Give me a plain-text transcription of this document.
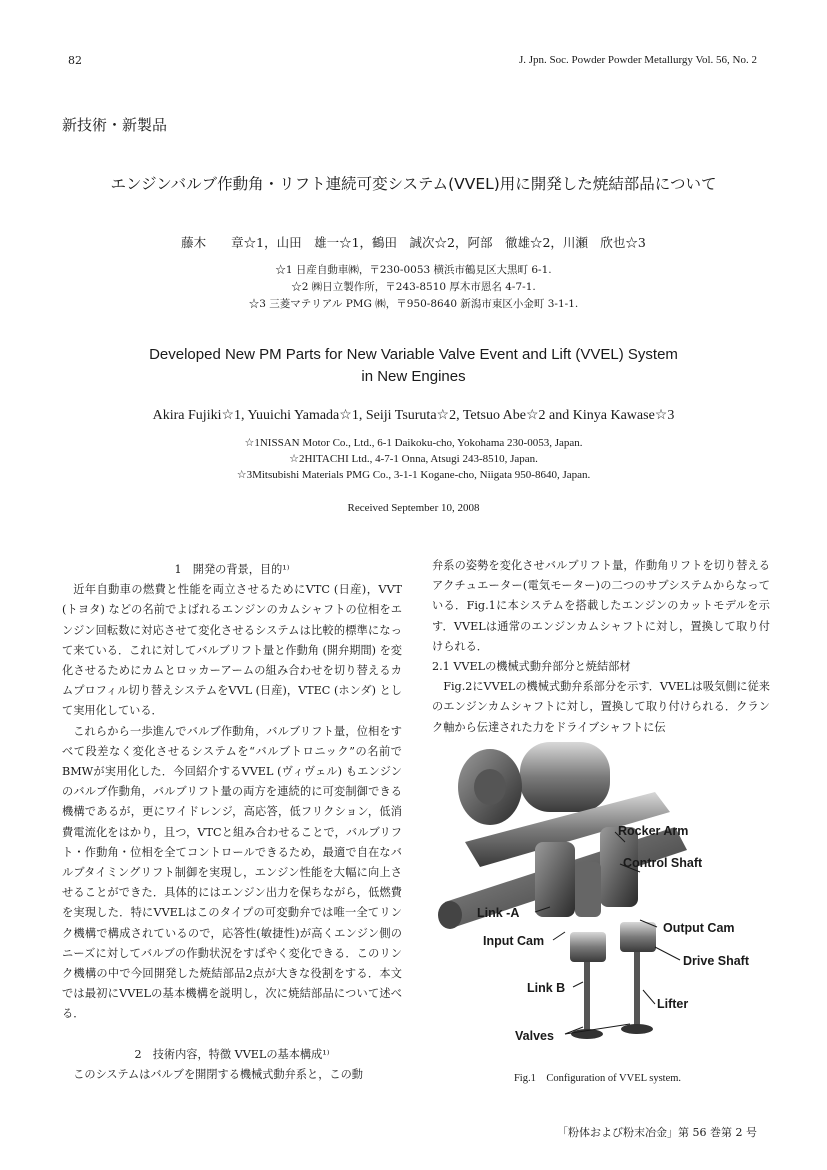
82	J. Jpn. Soc. Powder Powder Metallurgy Vol. 56, No. 2
新技術・新製品
エンジンバルブ作動角・リフト連続可変システム(VVEL)用に開発した焼結部品について
藤木　　章☆1，山田　雄一☆1，鶴田　誠次☆2，阿部　徹雄☆2，川瀬　欣也☆3
☆1 日産自動車㈱，〒230-0053 横浜市鶴見区大黒町 6-1.
☆2 ㈱日立製作所，〒243-8510 厚木市恩名 4-7-1.
☆3 三菱マテリアル PMG ㈱，〒950-8640 新潟市東区小金町 3-1-1.
Developed New PM Parts for New Variable Valve Event and Lift (VVEL) System
in New Engines
Akira Fujiki☆1, Yuuichi Yamada☆1, Seiji Tsuruta☆2, Tetsuo Abe☆2 and Kinya Kawase☆3
☆1NISSAN Motor Co., Ltd., 6-1 Daikoku-cho, Yokohama 230-0053, Japan.
☆2HITACHI Ltd., 4-7-1 Onna, Atsugi 243-8510, Japan.
☆3Mitsubishi Materials PMG Co., 3-1-1 Kogane-cho, Niigata 950-8640, Japan.
Received September 10, 2008
1　開発の背景，目的¹⁾

近年自動車の燃費と性能を両立させるためにVTC (日産)，VVT (トヨタ) などの名前でよばれるエンジンのカムシャフトの位相をエンジン回転数に対応させて変化させるシステムは比較的標準になって来ている．これに対してバルブリフト量と作動角 (開弁期間) を変化させるためにカムとロッカーアームの組み合わせを切り替えるカムプロフィル切り替えシステムをVVL (日産)，VTEC (ホンダ) として実用化している．

これらから一歩進んでバルブ作動角，バルブリフト量，位相をすべて段差なく変化させるシステムを“バルブトロニック”の名前でBMWが実用化した．今回紹介するVVEL (ヴィヴェル) もエンジンのバルブ作動角，バルブリフト量の両方を連続的に可変制御できる機構であるが，更にワイドレンジ，高応答，低フリクション，低消費電流化をはかり，且つ，VTCと組み合わせることで，バルブリフト・作動角・位相を全てコントロールできるため，最適で自在なバルブタイミングリフト制御を実現し，エンジン性能を大幅に向上させることができた．具体的にはエンジン出力を保ちながら，低燃費を実現した．特にVVELはこのタイプの可変動弁では唯一全てリンク機構で構成されているので，応答性(敏捷性)が高くエンジン側のニーズに対してバルブの作動状況をすばやく変化できる．このリンク機構の中で今回開発した焼結部品2点が大きな役割をする．本文では最初にVVELの基本機構を説明し，次に焼結部品について述べる．

2　技術内容，特徴 VVELの基本構成¹⁾

このシステムはバルブを開閉する機械式動弁系と，この動

弁系の姿勢を変化させバルブリフト量，作動角リフトを切り替えるアクチュエーター(電気モーター)の二つのサブシステムからなっている．Fig.1に本システムを搭載したエンジンのカットモデルを示す．VVELは通常のエンジンカムシャフトに対し，置換して取り付けられる．

2.1 VVELの機械式動弁部分と焼結部材

Fig.2にVVELの機械式動弁系部分を示す．VVELは吸気側に従来のエンジンカムシャフトに対し，置換して取り付けられる．クランク軸から伝達された力をドライブシャフトに伝

Rocker Arm
Control Shaft
Link -A
Output Cam
Input Cam
Drive Shaft
Link B
Lifter
Valves
Fig.1　Configuration of VVEL system.
「粉体および粉末冶金」第 56 巻第 2 号
